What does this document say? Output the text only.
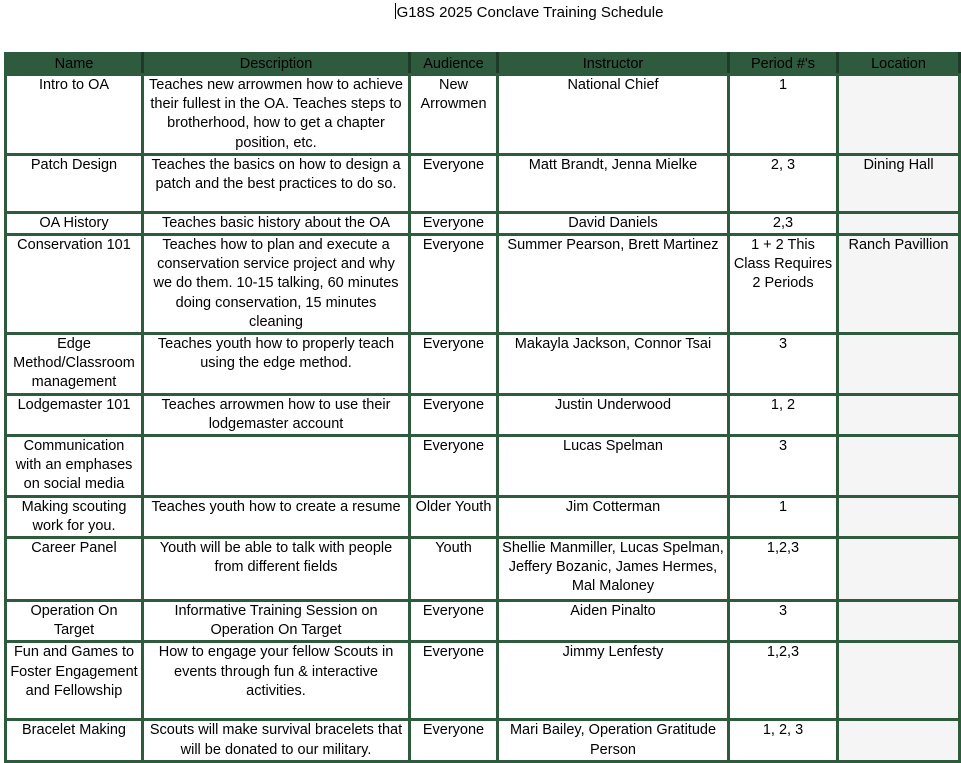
G18S 2025 Conclave Training Schedule
Name	Description	Audience	Instructor	Period #'s	Location
Intro to OA	Teaches new arrowmen how to achieve their fullest in the OA. Teaches steps to brotherhood, how to get a chapter position, etc.	New Arrowmen	National Chief	1	
Patch Design	Teaches the basics on how to design a patch and the best practices to do so.	Everyone	Matt Brandt, Jenna Mielke	2, 3	Dining Hall
OA History	Teaches basic history about the OA	Everyone	David Daniels	2,3	
Conservation 101	Teaches how to plan and execute a conservation service project and why we do them. 10-15 talking, 60 minutes doing conservation, 15 minutes cleaning	Everyone	Summer Pearson, Brett Martinez	1 + 2 This Class Requires 2 Periods	Ranch Pavillion
Edge Method/Classroom management	Teaches youth how to properly teach using the edge method.	Everyone	Makayla Jackson, Connor Tsai	3	
Lodgemaster 101	Teaches arrowmen how to use their lodgemaster account	Everyone	Justin Underwood	1, 2	
Communication with an emphases on social media		Everyone	Lucas Spelman	3	
Making scouting work for you.	Teaches youth how to create a resume	Older Youth	Jim Cotterman	1	
Career Panel	Youth will be able to talk with people from different fields	Youth	Shellie Manmiller, Lucas Spelman, Jeffery Bozanic, James Hermes, Mal Maloney	1,2,3	
Operation On Target	Informative Training Session on Operation On Target	Everyone	Aiden Pinalto	3	
Fun and Games to Foster Engagement and Fellowship	How to engage your fellow Scouts in events through fun & interactive activities.	Everyone	Jimmy Lenfesty	1,2,3	
Bracelet Making	Scouts will make survival bracelets that will be donated to our military.	Everyone	Mari Bailey, Operation Gratitude Person	1, 2, 3	
